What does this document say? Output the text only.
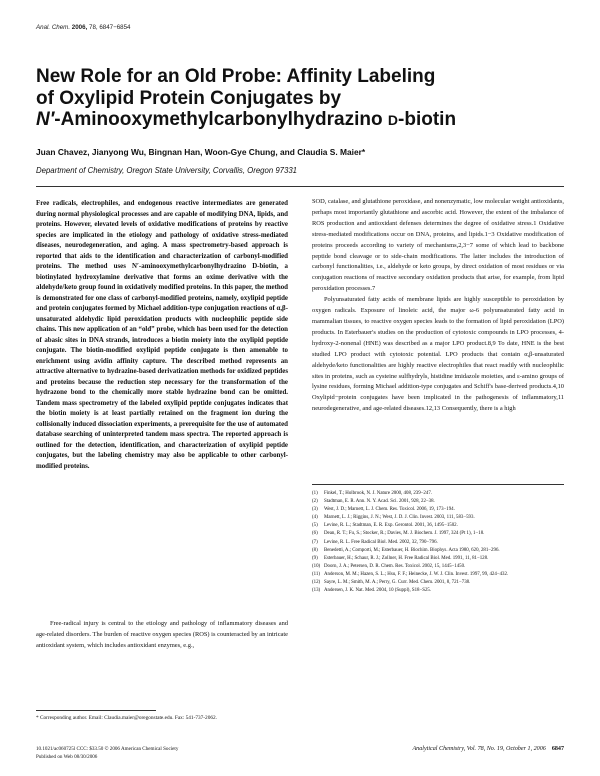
Anal. Chem. 2006, 78, 6847−6854
New Role for an Old Probe: Affinity Labeling
of Oxylipid Protein Conjugates by
N′-Aminooxymethylcarbonylhydrazino D-biotin
Juan Chavez, Jianyong Wu, Bingnan Han, Woon-Gye Chung, and Claudia S. Maier*
Department of Chemistry, Oregon State University, Corvallis, Oregon 97331

Free radicals, electrophiles, and endogenous reactive intermediates are generated during normal physiological processes and are capable of modifying DNA, lipids, and proteins. However, elevated levels of oxidative modifications of proteins by reactive species are implicated in the etiology and pathology of oxidative stress-mediated diseases, neurodegeneration, and aging. A mass spectrometry-based approach is reported that aids to the identification and characterization of carbonyl-modified proteins. The method uses N′-aminooxymethylcarbonylhydrazino D-biotin, a biotinylated hydroxylamine derivative that forms an oxime derivative with the aldehyde/keto group found in oxidatively modified proteins. In this paper, the method is demonstrated for one class of carbonyl-modified proteins, namely, oxylipid peptide and protein conjugates formed by Michael addition-type conjugation reactions of α,β-unsaturated aldehydic lipid peroxidation products with nucleophilic peptide side chains. This new application of an “old” probe, which has been used for the detection of abasic sites in DNA strands, introduces a biotin moiety into the oxylipid peptide conjugate. The biotin-modified oxylipid peptide conjugate is then amenable to enrichment using avidin affinity capture. The described method represents an attractive alternative to hydrazine-based derivatization methods for oxidized peptides and proteins because the reduction step necessary for the transformation of the hydrazone bond to the chemically more stable hydrazine bond can be omitted. Tandem mass spectrometry of the labeled oxylipid peptide conjugates indicates that the biotin moiety is at least partially retained on the fragment ion during the collisionally induced dissociation experiments, a prerequisite for the use of automated database searching of uninterpreted tandem mass spectra. The reported approach is outlined for the detection, identification, and characterization of oxylipid peptide conjugates, but the labeling chemistry may also be applicable to other carbonyl-modified proteins.

Free-radical injury is central to the etiology and pathology of inflammatory diseases and age-related disorders. The burden of reactive oxygen species (ROS) is counteracted by an intricate antioxidant system, which includes antioxidant enzymes, e.g.,

* Corresponding author. Email: Claudia.maier@oregonstate.edu. Fax: 541-737-2062.

SOD, catalase, and glutathione peroxidase, and nonenzymatic, low molecular weight antioxidants, perhaps most importantly glutathione and ascorbic acid. However, the extent of the imbalance of ROS production and antioxidant defenses determines the degree of oxidative stress.1 Oxidative stress-mediated modifications occur on DNA, proteins, and lipids.1−3 Oxidative modification of proteins proceeds according to variety of mechanisms,2,3−7 some of which lead to backbone peptide bond cleavage or to side-chain modifications. The latter includes the introduction of carbonyl functionalities, i.e., aldehyde or keto groups, by direct oxidation of most residues or via conjugation reactions of reactive secondary oxidation products that arise, for example, from lipid peroxidation processes.7

Polyunsaturated fatty acids of membrane lipids are highly susceptible to peroxidation by oxygen radicals. Exposure of linoleic acid, the major ω-6 polyunsaturated fatty acid in mammalian tissues, to reactive oxygen species leads to the formation of lipid peroxidation (LPO) products. In Esterbauer's studies on the production of cytotoxic compounds in LPO processes, 4-hydroxy-2-nonenal (HNE) was described as a major LPO product.8,9 To date, HNE is the best studied LPO product with cytotoxic potential. LPO products that contain α,β-unsaturated aldehyde/keto functionalities are highly reactive electrophiles that react readily with nucleophilic sites in proteins, such as cysteine sulfhydryls, histidine imidazole moieties, and ε-amino groups of lysine residues, forming Michael addition-type conjugates and Schiff's base-derived products.4,10 Oxylipid−protein conjugates have been implicated in the pathogenesis of inflammatory,11 neurodegenerative, and age-related diseases.12,13 Consequently, there is a high

(1) Finkel, T.; Holbrook, N. J. Nature 2000, 408, 239−247.
(2) Stadtman, E. R. Ann. N. Y. Acad. Sci. 2001, 928, 22−38.
(3) West, J. D.; Marnett, L. J. Chem. Res. Toxicol. 2006, 19, 173−194.
(4) Marnett, L. J.; Riggins, J. N.; West, J. D. J. Clin. Invest. 2003, 111, 583−593.
(5) Levine, R. L.; Stadtman, E. R. Exp. Gerontol. 2001, 36, 1495−1502.
(6) Dean, R. T.; Fu, S.; Stocker, R.; Davies, M. J. Biochem. J. 1997, 324 (Pt 1), 1−18.
(7) Levine, R. L. Free Radical Biol. Med. 2002, 32, 790−796.
(8) Benedetti, A.; Comporti, M.; Esterbauer, H. Biochim. Biophys. Acta 1980, 620, 281−296.
(9) Esterbauer, H.; Schaur, R. J.; Zollner, H. Free Radical Biol. Med. 1991, 11, 81−128.
(10) Doorn, J. A.; Petersen, D. R. Chem. Res. Toxicol. 2002, 15, 1445−1450.
(11) Anderson, M. M.; Hazen, S. L.; Hsu, F. F.; Heinecke, J. W. J. Clin. Invest. 1997, 99, 424−432.
(12) Sayre, L. M.; Smith, M. A.; Perry, G. Curr. Med. Chem. 2001, 8, 721−738.
(13) Andersen, J. K. Nat. Med. 2004, 10 (Suppl), S18−S25.
10.1021/ac060725l CCC: $33.50 © 2006 American Chemical Society
Published on Web 08/30/2006
Analytical Chemistry, Vol. 78, No. 19, October 1, 2006 6847
